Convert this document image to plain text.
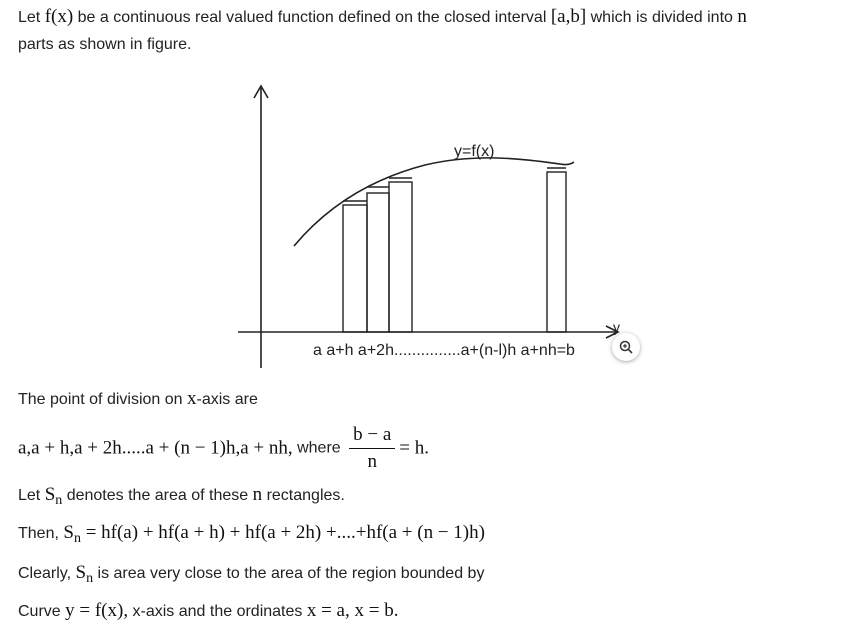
Let f(x) be a continuous real valued function defined on the closed interval [a,b] which is divided into n
parts as shown in figure.
y
y=f(x)
a a+h a+2h...............a+(n-l)h a+nh=b
The point of division on x-axis are
a,a + h,a + 2h.....a + (n − 1)h,a + nh, where $\frac{b - a}{n} = h$.
Let $S_n$ denotes the area of these n rectangles.
Then, $S_n = hf(a) + hf(a + h) + hf(a + 2h) +....+hf(a + (n - 1)h)$
Clearly, $S_n$ is area very close to the area of the region bounded by
Curve y = f(x), x-axis and the ordinates x = a, x = b.
